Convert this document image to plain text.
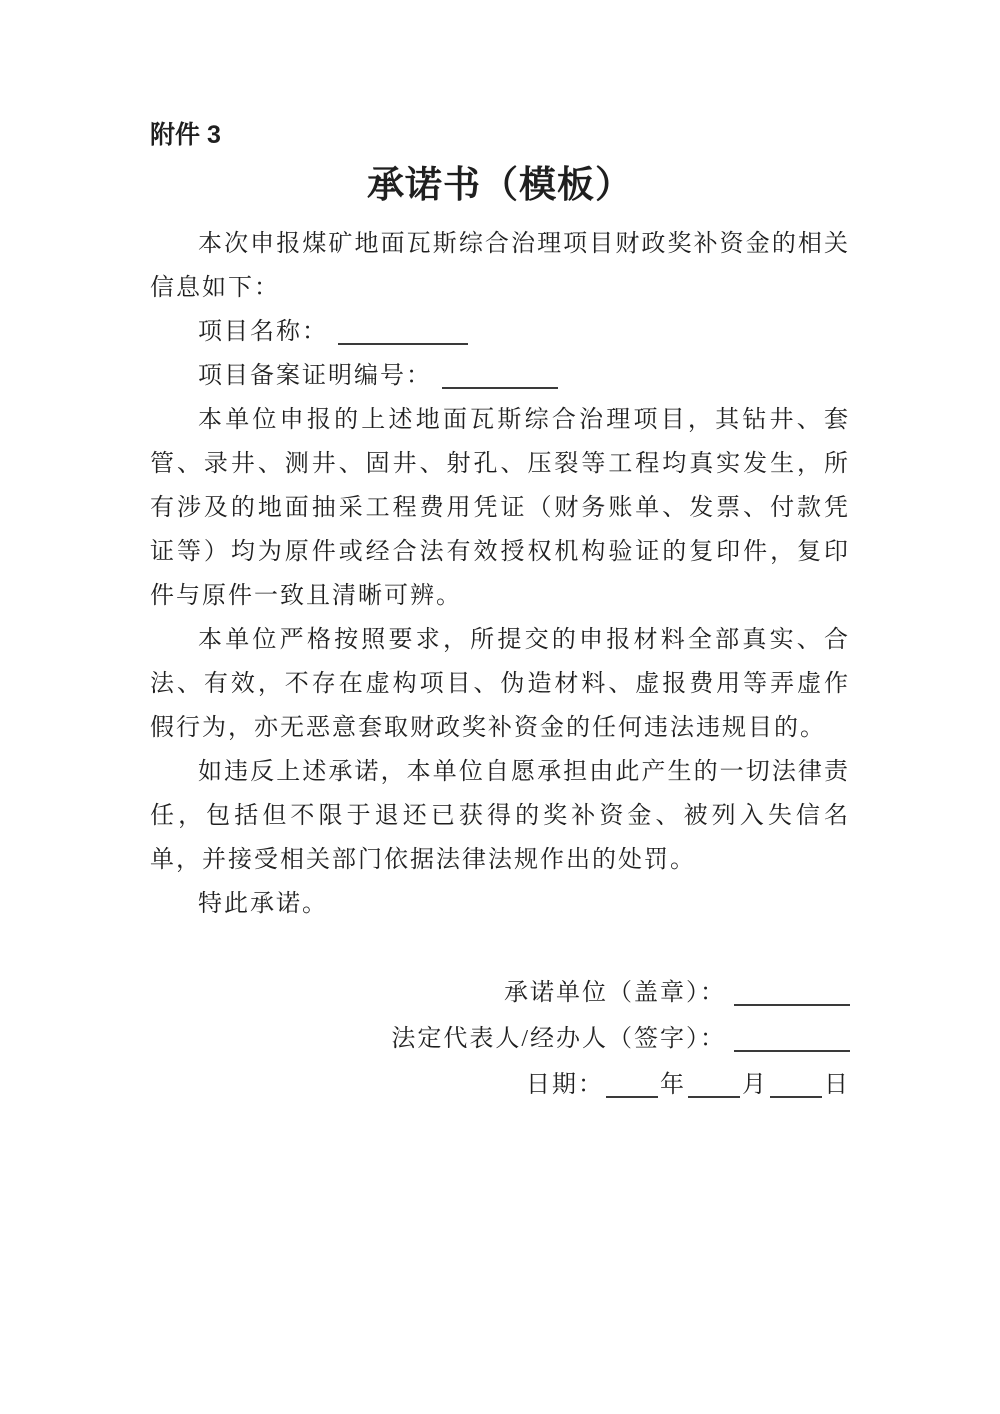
附件 3
承诺书（模板）

本次申报煤矿地面瓦斯综合治理项目财政奖补资金的相关信息如下：

项目名称：
项目备案证明编号：

本单位申报的上述地面瓦斯综合治理项目，其钻井、套管、录井、测井、固井、射孔、压裂等工程均真实发生，所有涉及的地面抽采工程费用凭证（财务账单、发票、付款凭证等）均为原件或经合法有效授权机构验证的复印件，复印件与原件一致且清晰可辨。

本单位严格按照要求，所提交的申报材料全部真实、合法、有效，不存在虚构项目、伪造材料、虚报费用等弄虚作假行为，亦无恶意套取财政奖补资金的任何违法违规目的。

如违反上述承诺，本单位自愿承担由此产生的一切法律责任，包括但不限于退还已获得的奖补资金、被列入失信名单，并接受相关部门依据法律法规作出的处罚。

特此承诺。

承诺单位（盖章）：
法定代表人/经办人（签字）：
日期： 年 月 日
